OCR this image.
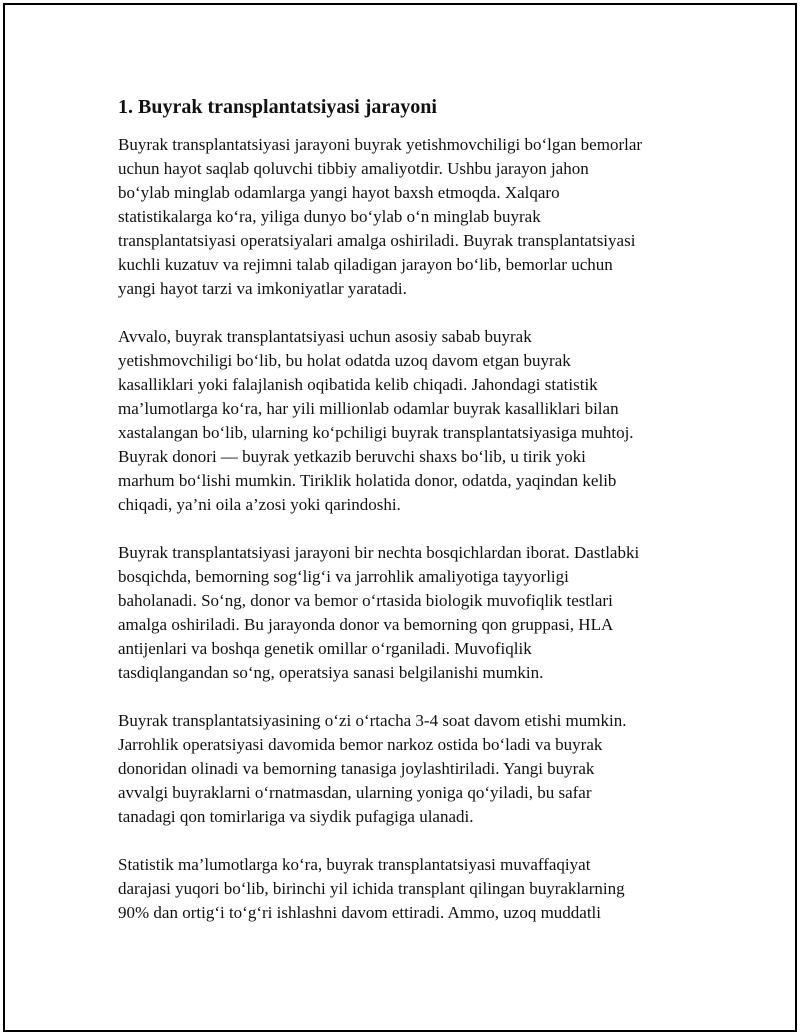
1. Buyrak transplantatsiyasi jarayoni

Buyrak transplantatsiyasi jarayoni buyrak yetishmovchiligi bo‘lgan bemorlar
uchun hayot saqlab qoluvchi tibbiy amaliyotdir. Ushbu jarayon jahon
bo‘ylab minglab odamlarga yangi hayot baxsh etmoqda. Xalqaro
statistikalarga ko‘ra, yiliga dunyo bo‘ylab o‘n minglab buyrak
transplantatsiyasi operatsiyalari amalga oshiriladi. Buyrak transplantatsiyasi
kuchli kuzatuv va rejimni talab qiladigan jarayon bo‘lib, bemorlar uchun
yangi hayot tarzi va imkoniyatlar yaratadi.

Avvalo, buyrak transplantatsiyasi uchun asosiy sabab buyrak
yetishmovchiligi bo‘lib, bu holat odatda uzoq davom etgan buyrak
kasalliklari yoki falajlanish oqibatida kelib chiqadi. Jahondagi statistik
ma’lumotlarga ko‘ra, har yili millionlab odamlar buyrak kasalliklari bilan
xastalangan bo‘lib, ularning ko‘pchiligi buyrak transplantatsiyasiga muhtoj.
Buyrak donori — buyrak yetkazib beruvchi shaxs bo‘lib, u tirik yoki
marhum bo‘lishi mumkin. Tiriklik holatida donor, odatda, yaqindan kelib
chiqadi, ya’ni oila a’zosi yoki qarindoshi.

Buyrak transplantatsiyasi jarayoni bir nechta bosqichlardan iborat. Dastlabki
bosqichda, bemorning sog‘lig‘i va jarrohlik amaliyotiga tayyorligi
baholanadi. So‘ng, donor va bemor o‘rtasida biologik muvofiqlik testlari
amalga oshiriladi. Bu jarayonda donor va bemorning qon gruppasi, HLA
antijenlari va boshqa genetik omillar o‘rganiladi. Muvofiqlik
tasdiqlangandan so‘ng, operatsiya sanasi belgilanishi mumkin.

Buyrak transplantatsiyasining o‘zi o‘rtacha 3-4 soat davom etishi mumkin.
Jarrohlik operatsiyasi davomida bemor narkoz ostida bo‘ladi va buyrak
donoridan olinadi va bemorning tanasiga joylashtiriladi. Yangi buyrak
avvalgi buyraklarni o‘rnatmasdan, ularning yoniga qo‘yiladi, bu safar
tanadagi qon tomirlariga va siydik pufagiga ulanadi.

Statistik ma’lumotlarga ko‘ra, buyrak transplantatsiyasi muvaffaqiyat
darajasi yuqori bo‘lib, birinchi yil ichida transplant qilingan buyraklarning
90% dan ortig‘i to‘g‘ri ishlashni davom ettiradi. Ammo, uzoq muddatli
